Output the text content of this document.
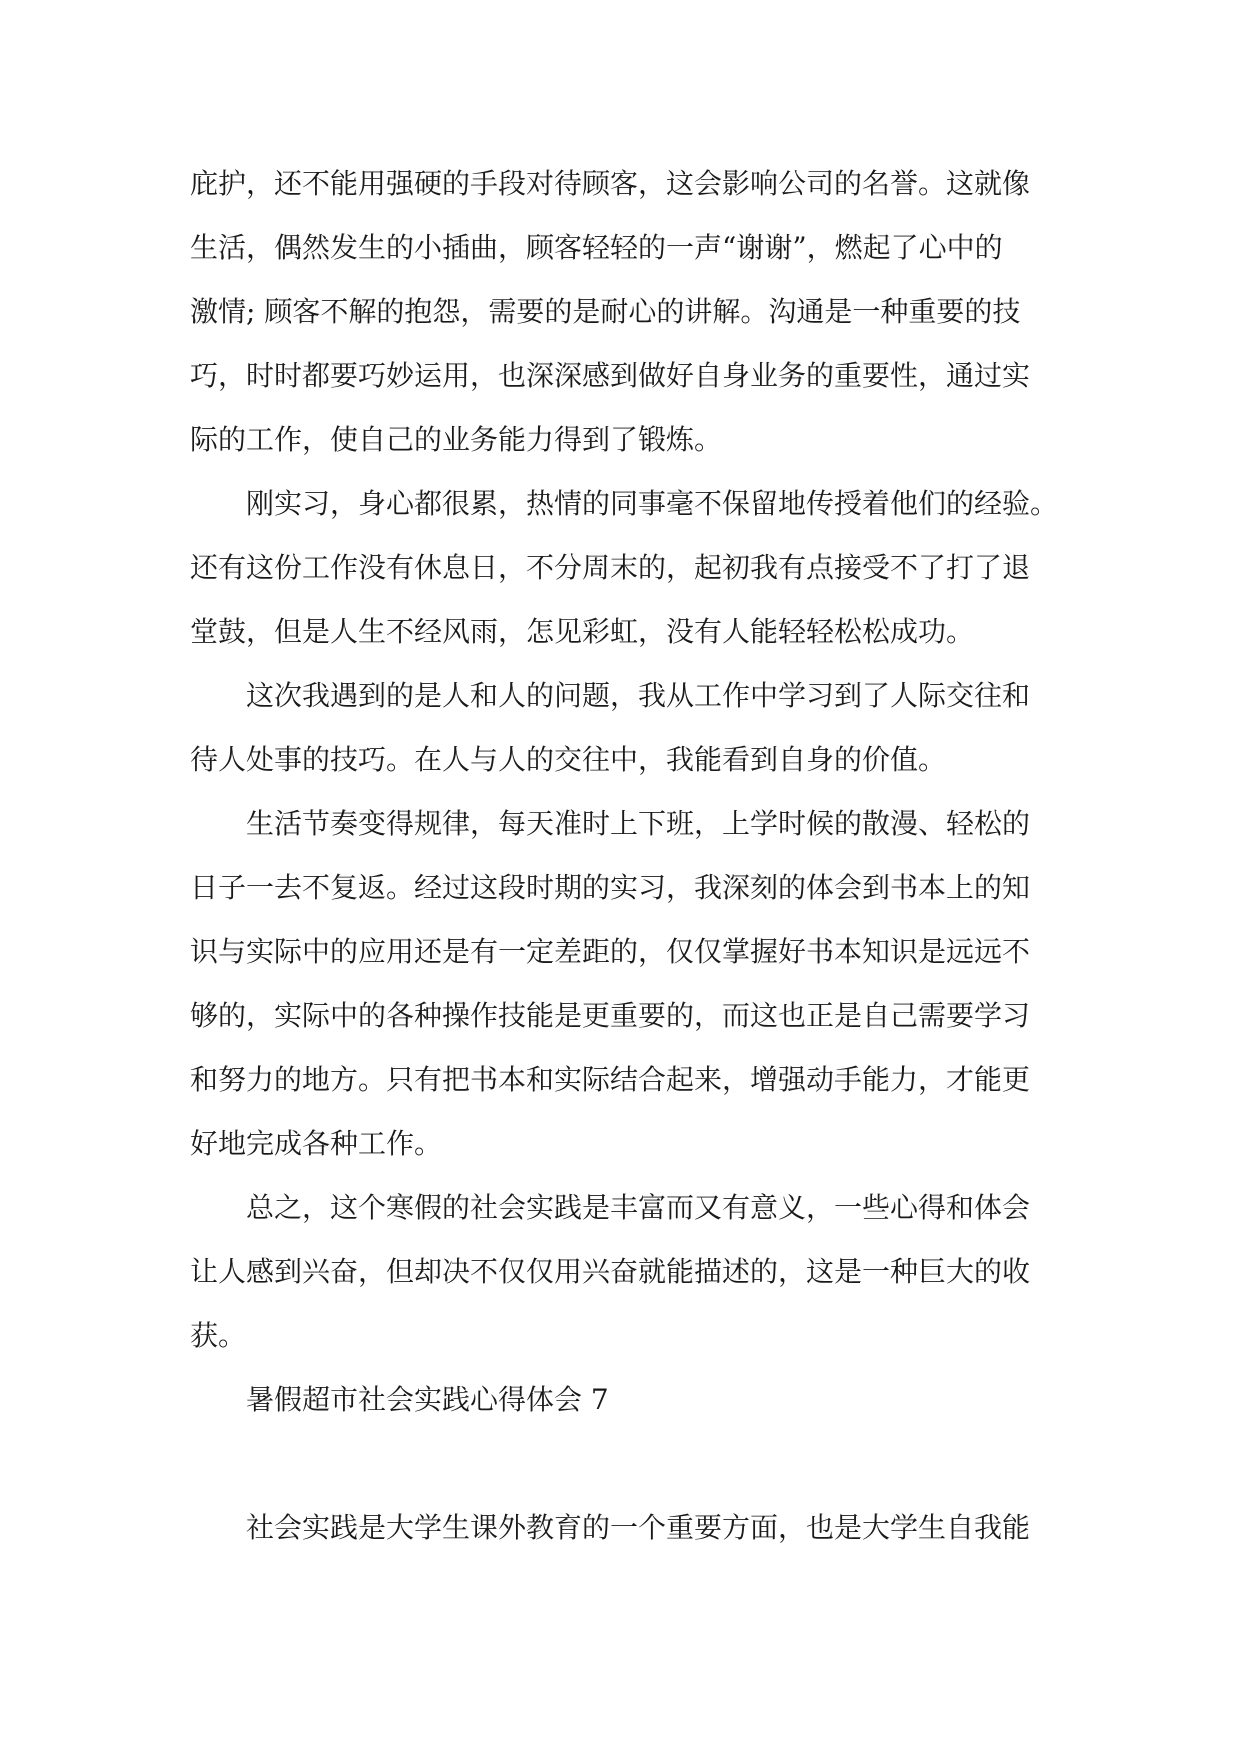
庇护，还不能用强硬的手段对待顾客，这会影响公司的名誉。这就像
生活，偶然发生的小插曲，顾客轻轻的一声“谢谢”，燃起了心中的
激情; 顾客不解的抱怨，需要的是耐心的讲解。沟通是一种重要的技
巧，时时都要巧妙运用，也深深感到做好自身业务的重要性，通过实
际的工作，使自己的业务能力得到了锻炼。

刚实习，身心都很累，热情的同事毫不保留地传授着他们的经验。
还有这份工作没有休息日，不分周末的，起初我有点接受不了打了退
堂鼓，但是人生不经风雨，怎见彩虹，没有人能轻轻松松成功。

这次我遇到的是人和人的问题，我从工作中学习到了人际交往和
待人处事的技巧。在人与人的交往中，我能看到自身的价值。

生活节奏变得规律，每天准时上下班，上学时候的散漫、轻松的
日子一去不复返。经过这段时期的实习，我深刻的体会到书本上的知
识与实际中的应用还是有一定差距的，仅仅掌握好书本知识是远远不
够的，实际中的各种操作技能是更重要的，而这也正是自己需要学习
和努力的地方。只有把书本和实际结合起来，增强动手能力，才能更
好地完成各种工作。

总之，这个寒假的社会实践是丰富而又有意义，一些心得和体会
让人感到兴奋，但却决不仅仅用兴奋就能描述的，这是一种巨大的收
获。

暑假超市社会实践心得体会 7

社会实践是大学生课外教育的一个重要方面，也是大学生自我能
